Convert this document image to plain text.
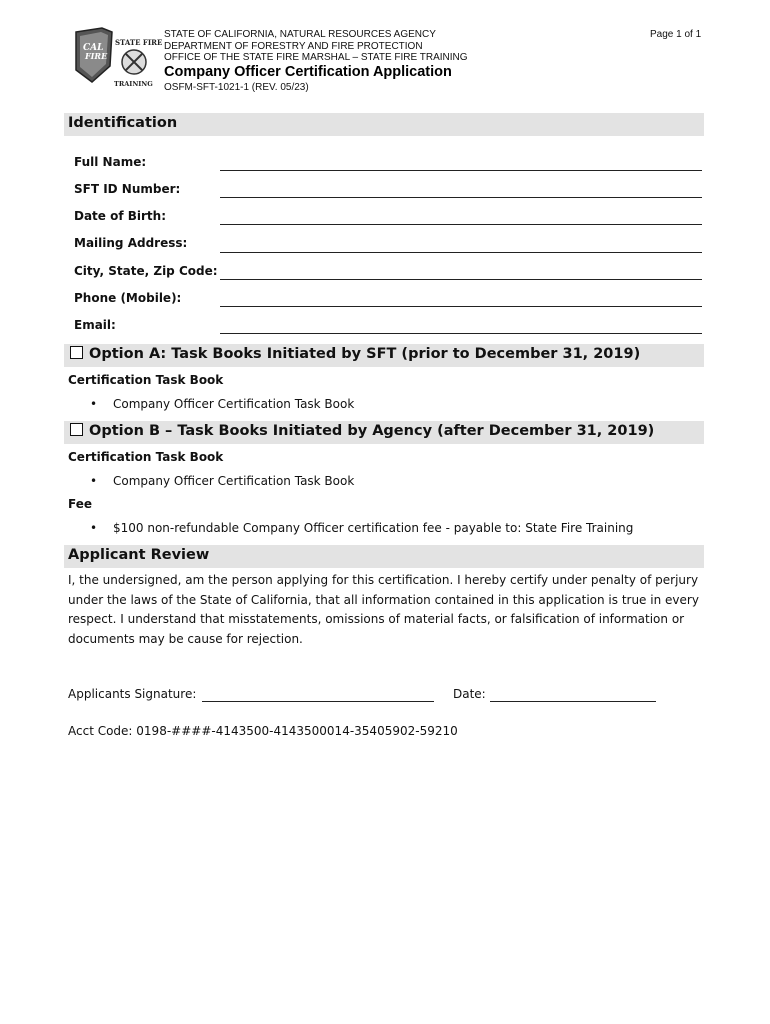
CAL
FIRE
STATE FIRE
TRAINING
STATE OF CALIFORNIA, NATURAL RESOURCES AGENCY
DEPARTMENT OF FORESTRY AND FIRE PROTECTION
OFFICE OF THE STATE FIRE MARSHAL – STATE FIRE TRAINING
Page 1 of 1
Company Officer Certification Application
OSFM-SFT-1021-1 (REV. 05/23)
Identification
Full Name:
SFT ID Number:
Date of Birth:
Mailing Address:
City, State, Zip Code:
Phone (Mobile):
Email:
Option A: Task Books Initiated by SFT (prior to December 31, 2019)
Certification Task Book
• Company Officer Certification Task Book
Option B – Task Books Initiated by Agency (after December 31, 2019)
Certification Task Book
• Company Officer Certification Task Book
Fee
• $100 non-refundable Company Officer certification fee - payable to: State Fire Training
Applicant Review
I, the undersigned, am the person applying for this certification. I hereby certify under penalty of perjury under the laws of the State of California, that all information contained in this application is true in every respect. I understand that misstatements, omissions of material facts, or falsification of information or documents may be cause for rejection.
Applicants Signature:	Date:
Acct Code: 0198-####-4143500-4143500014-35405902-59210
